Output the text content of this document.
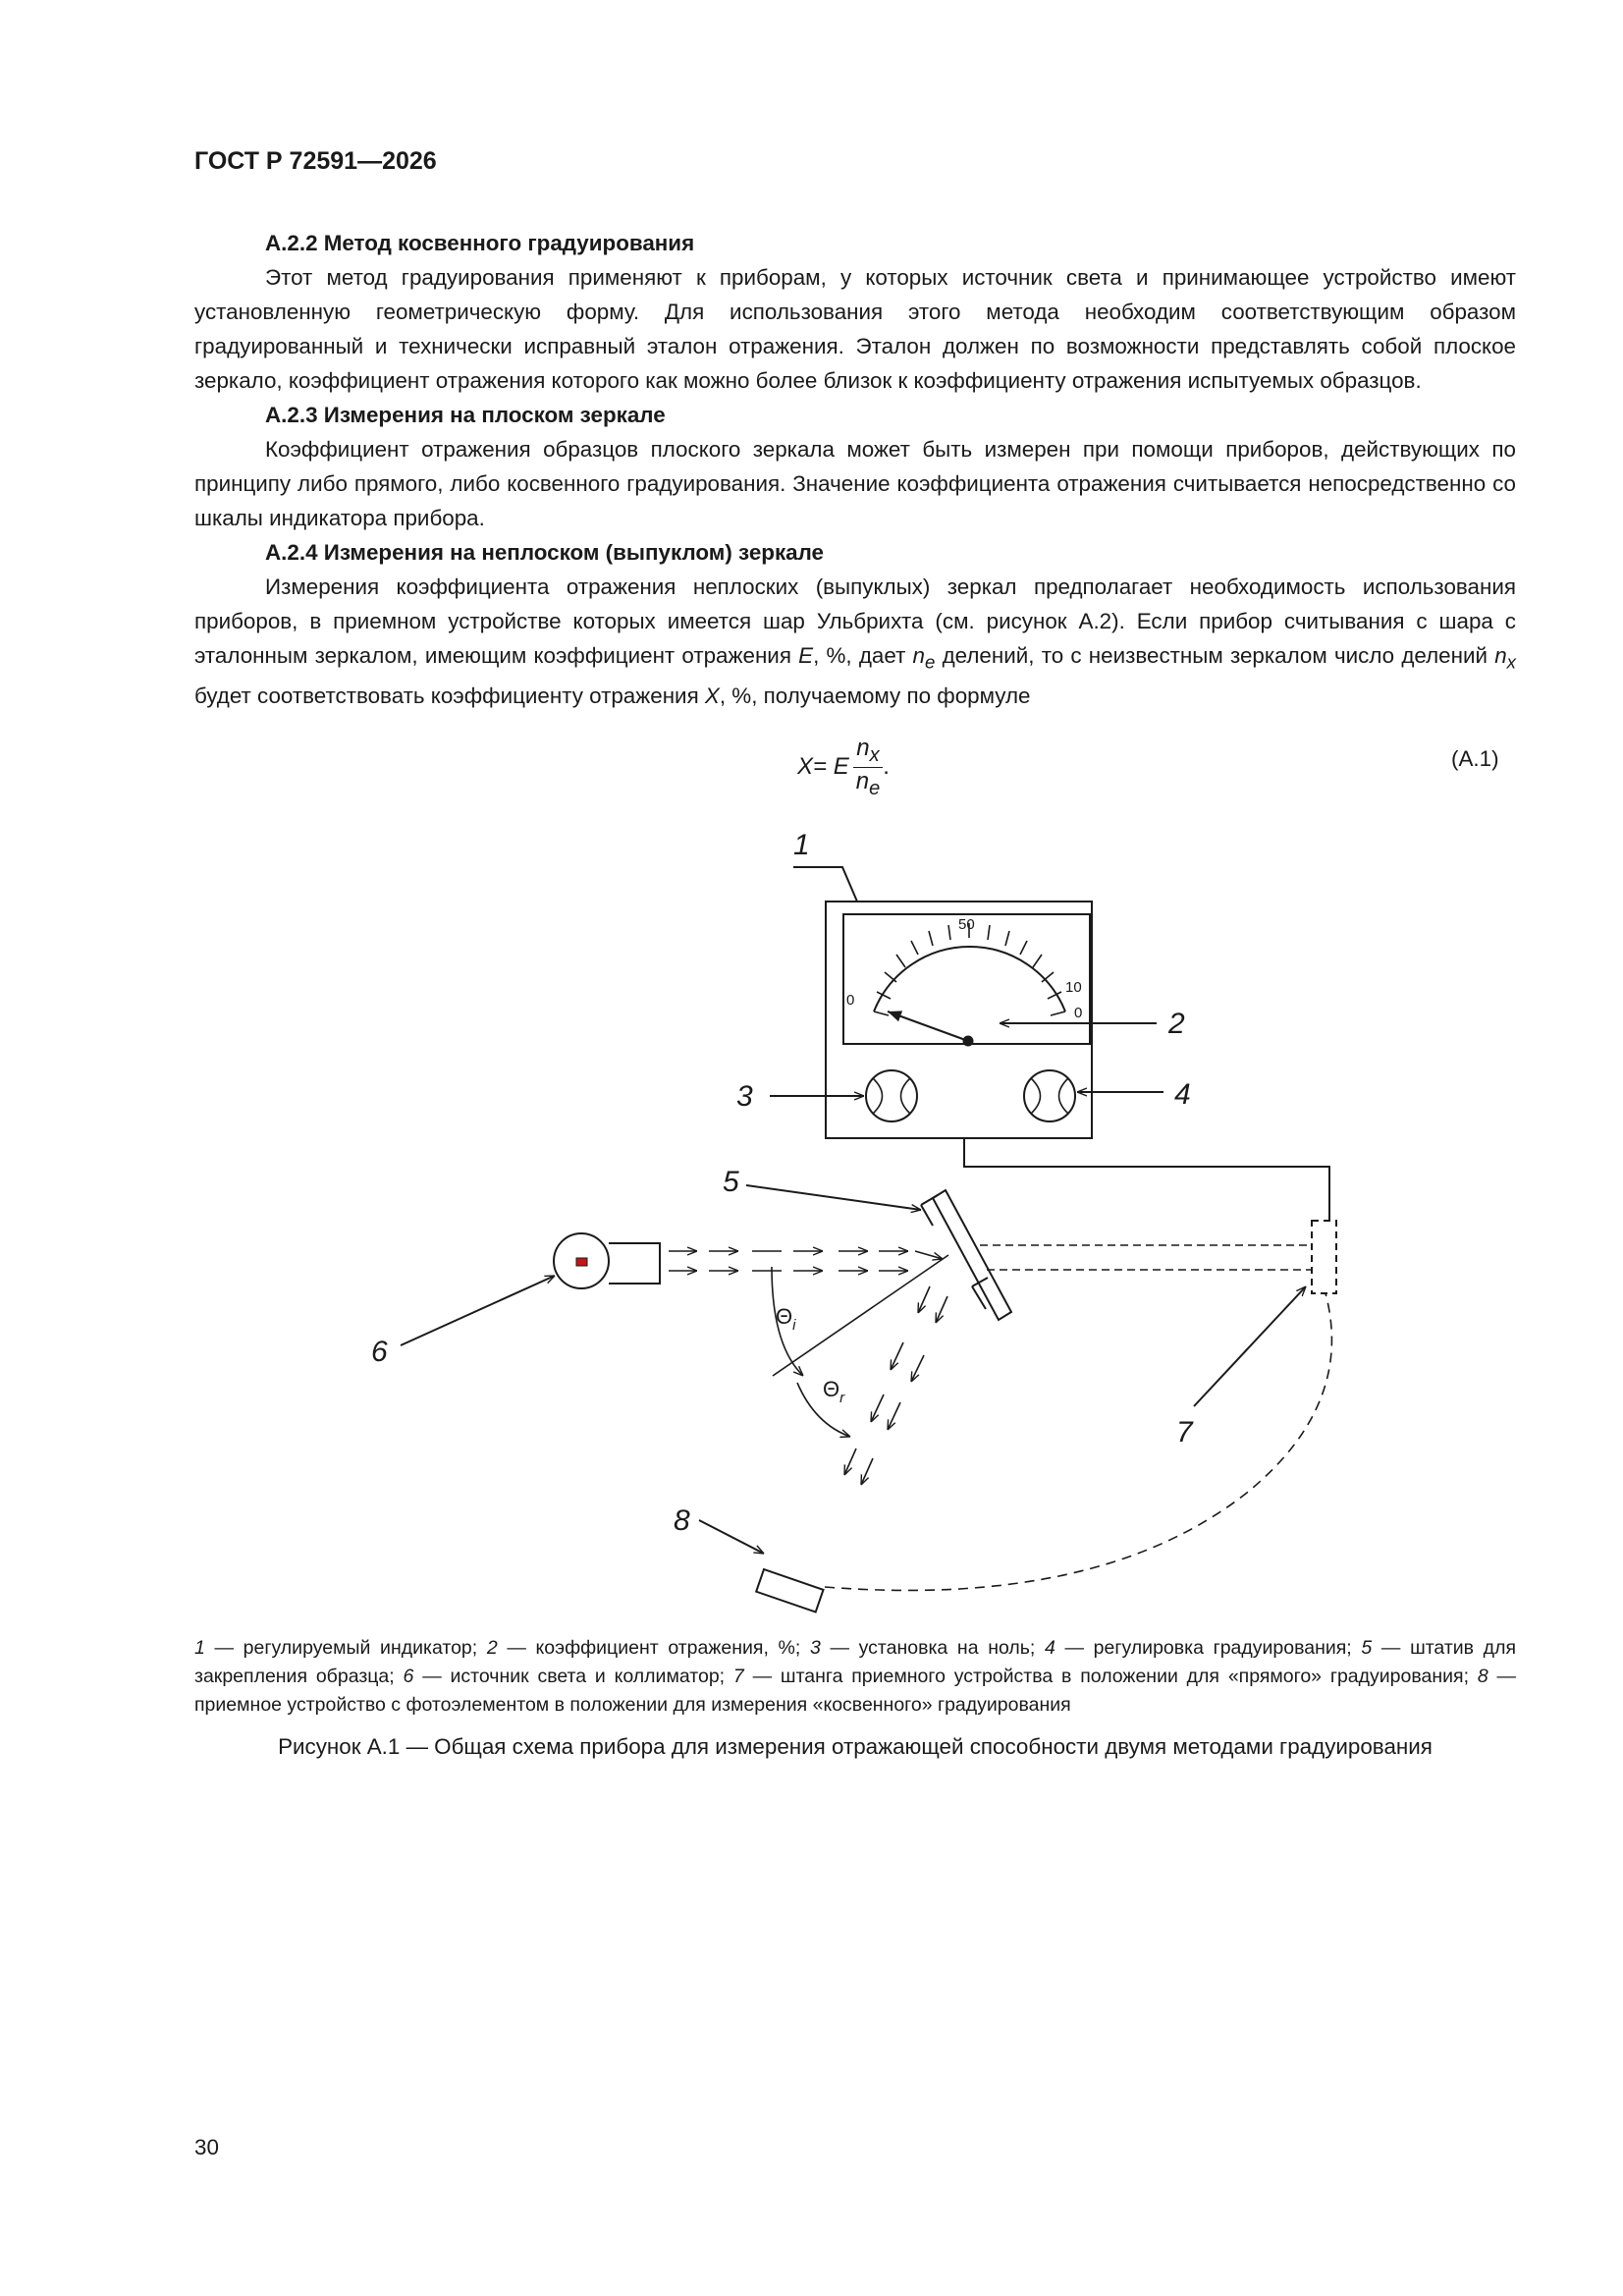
ГОСТ Р 72591—2026
А.2.2 Метод косвенного градуирования

Этот метод градуирования применяют к приборам, у которых источник света и принимающее устройство имеют установленную геометрическую форму. Для использования этого метода необходим соответствующим образом градуированный и технически исправный эталон отражения. Эталон должен по возможности представлять собой плоское зеркало, коэффициент отражения которого как можно более близок к коэффициенту отражения испытуемых образцов.

А.2.3 Измерения на плоском зеркале

Коэффициент отражения образцов плоского зеркала может быть измерен при помощи приборов, действующих по принципу либо прямого, либо косвенного градуирования. Значение коэффициента отражения считывается непосредственно со шкалы индикатора прибора.

А.2.4 Измерения на неплоском (выпуклом) зеркале

Измерения коэффициента отражения неплоских (выпуклых) зеркал предполагает необходимость использования приборов, в приемном устройстве которых имеется шар Ульбрихта (см. рисунок А.2). Если прибор считывания с шара с эталонным зеркалом, имеющим коэффициент отражения E, %, дает $n_e$ делений, то с неизвестным зеркалом число делений $n_x$ будет соответствовать коэффициенту отражения X, %, получаемому по формуле

X= E $\frac{n_x}{n_e}$ .	(А.1)
1
2
3	4
5
6
7
8
0
50
10
0
$\Theta_i$
$\Theta_r$
1 — регулируемый индикатор; 2 — коэффициент отражения, %; 3 — установка на ноль; 4 — регулировка градуирования; 5 — штатив для закрепления образца; 6 — источник света и коллиматор; 7 — штанга приемного устройства в положении для «прямого» градуирования; 8 — приемное устройство с фотоэлементом в положении для измерения «косвенного» градуирования
Рисунок А.1 — Общая схема прибора для измерения отражающей способности двумя методами градуирования
30
